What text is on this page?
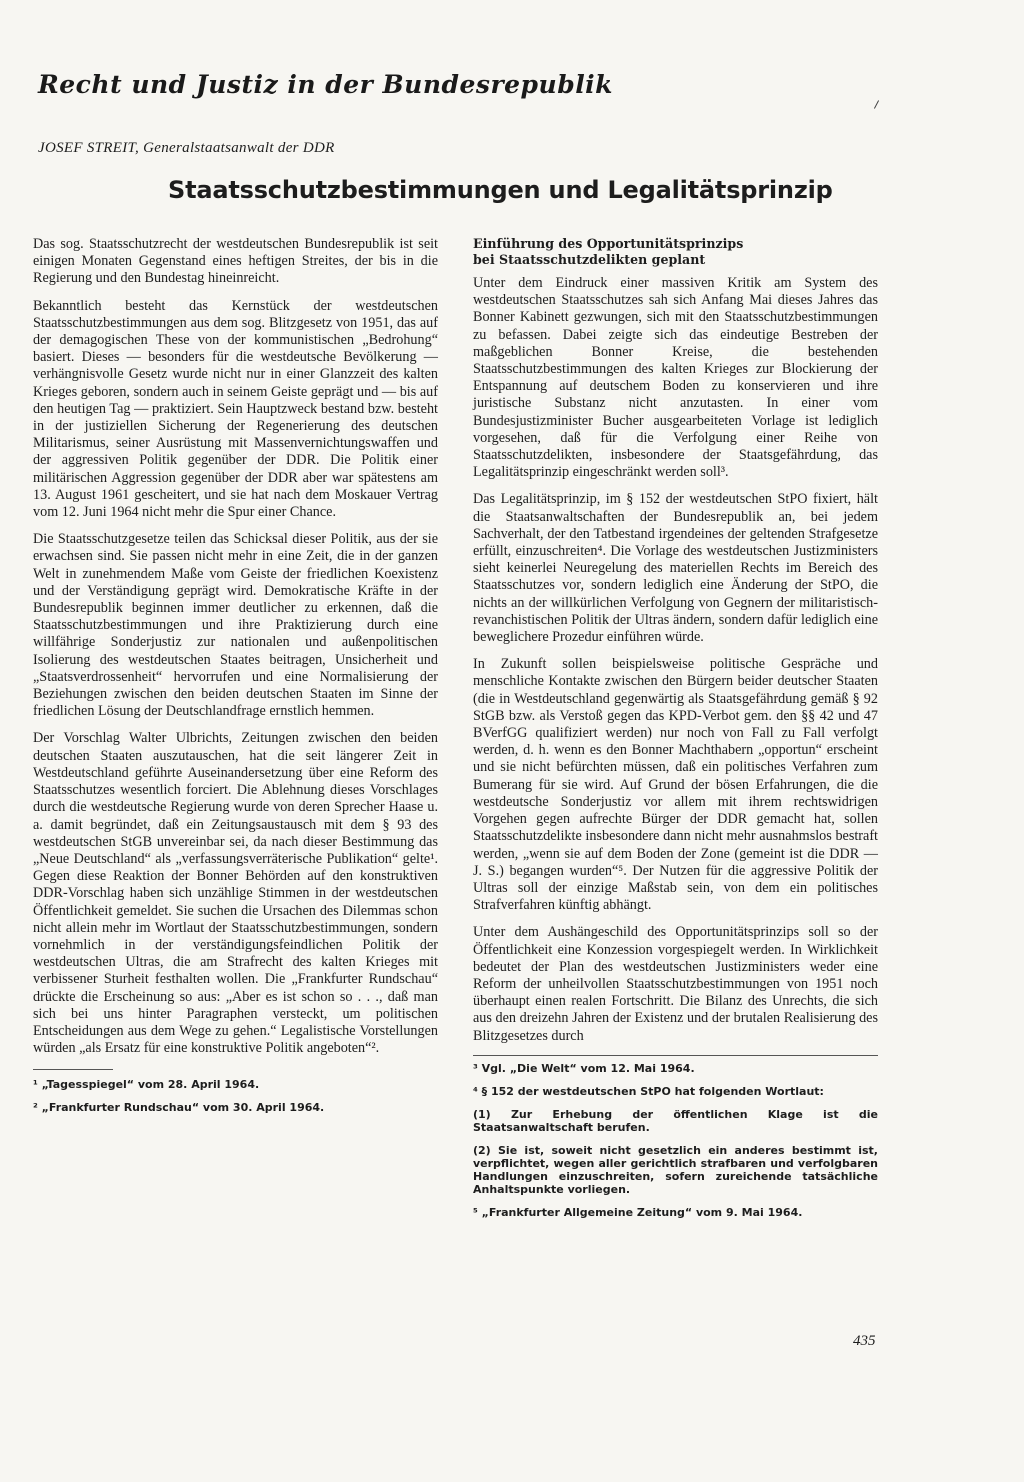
Recht und Justiz in der Bundesrepublik

JOSEF STREIT, Generalstaatsanwalt der DDR

Staatsschutzbestimmungen und Legalitätsprinzip

Das sog. Staatsschutzrecht der westdeutschen Bundesrepublik ist seit einigen Monaten Gegenstand eines heftigen Streites, der bis in die Regierung und den Bundestag hineinreicht.

Bekanntlich besteht das Kernstück der westdeutschen Staatsschutzbestimmungen aus dem sog. Blitzgesetz von 1951, das auf der demagogischen These von der kommunistischen „Bedrohung“ basiert. Dieses — besonders für die westdeutsche Bevölkerung — verhängnisvolle Gesetz wurde nicht nur in einer Glanzzeit des kalten Krieges geboren, sondern auch in seinem Geiste geprägt und — bis auf den heutigen Tag — praktiziert. Sein Hauptzweck bestand bzw. besteht in der justiziellen Sicherung der Regenerierung des deutschen Militarismus, seiner Ausrüstung mit Massenvernichtungswaffen und der aggressiven Politik gegenüber der DDR. Die Politik einer militärischen Aggression gegenüber der DDR aber war spätestens am 13. August 1961 gescheitert, und sie hat nach dem Moskauer Vertrag vom 12. Juni 1964 nicht mehr die Spur einer Chance.

Die Staatsschutzgesetze teilen das Schicksal dieser Politik, aus der sie erwachsen sind. Sie passen nicht mehr in eine Zeit, die in der ganzen Welt in zunehmendem Maße vom Geiste der friedlichen Koexistenz und der Verständigung geprägt wird. Demokratische Kräfte in der Bundesrepublik beginnen immer deutlicher zu erkennen, daß die Staatsschutzbestimmungen und ihre Praktizierung durch eine willfährige Sonderjustiz zur nationalen und außenpolitischen Isolierung des westdeutschen Staates beitragen, Unsicherheit und „Staatsverdrossenheit“ hervorrufen und eine Normalisierung der Beziehungen zwischen den beiden deutschen Staaten im Sinne der friedlichen Lösung der Deutschlandfrage ernstlich hemmen.

Der Vorschlag Walter Ulbrichts, Zeitungen zwischen den beiden deutschen Staaten auszutauschen, hat die seit längerer Zeit in Westdeutschland geführte Auseinandersetzung über eine Reform des Staatsschutzes wesentlich forciert. Die Ablehnung dieses Vorschlages durch die westdeutsche Regierung wurde von deren Sprecher Haase u. a. damit begründet, daß ein Zeitungsaustausch mit dem § 93 des westdeutschen StGB unvereinbar sei, da nach dieser Bestimmung das „Neue Deutschland“ als „verfassungsverräterische Publikation“ gelte¹. Gegen diese Reaktion der Bonner Behörden auf den konstruktiven DDR-Vorschlag haben sich unzählige Stimmen in der westdeutschen Öffentlichkeit gemeldet. Sie suchen die Ursachen des Dilemmas schon nicht allein mehr im Wortlaut der Staatsschutzbestimmungen, sondern vornehmlich in der verständigungsfeindlichen Politik der westdeutschen Ultras, die am Strafrecht des kalten Krieges mit verbissener Sturheit festhalten wollen. Die „Frankfurter Rundschau“ drückte die Erscheinung so aus: „Aber es ist schon so . . ., daß man sich bei uns hinter Paragraphen versteckt, um politischen Entscheidungen aus dem Wege zu gehen.“ Legalistische Vorstellungen würden „als Ersatz für eine konstruktive Politik angeboten“².

¹ „Tagesspiegel“ vom 28. April 1964.

² „Frankfurter Rundschau“ vom 30. April 1964.

Einführung des Opportunitätsprinzips
bei Staatsschutzdelikten geplant

Unter dem Eindruck einer massiven Kritik am System des westdeutschen Staatsschutzes sah sich Anfang Mai dieses Jahres das Bonner Kabinett gezwungen, sich mit den Staatsschutzbestimmungen zu befassen. Dabei zeigte sich das eindeutige Bestreben der maßgeblichen Bonner Kreise, die bestehenden Staatsschutzbestimmungen des kalten Krieges zur Blockierung der Entspannung auf deutschem Boden zu konservieren und ihre juristische Substanz nicht anzutasten. In einer vom Bundesjustizminister Bucher ausgearbeiteten Vorlage ist lediglich vorgesehen, daß für die Verfolgung einer Reihe von Staatsschutzdelikten, insbesondere der Staatsgefährdung, das Legalitätsprinzip eingeschränkt werden soll³.

Das Legalitätsprinzip, im § 152 der westdeutschen StPO fixiert, hält die Staatsanwaltschaften der Bundesrepublik an, bei jedem Sachverhalt, der den Tatbestand irgendeines der geltenden Strafgesetze erfüllt, einzuschreiten⁴. Die Vorlage des westdeutschen Justizministers sieht keinerlei Neuregelung des materiellen Rechts im Bereich des Staatsschutzes vor, sondern lediglich eine Änderung der StPO, die nichts an der willkürlichen Verfolgung von Gegnern der militaristisch-revanchistischen Politik der Ultras ändern, sondern dafür lediglich eine beweglichere Prozedur einführen würde.

In Zukunft sollen beispielsweise politische Gespräche und menschliche Kontakte zwischen den Bürgern beider deutscher Staaten (die in Westdeutschland gegenwärtig als Staatsgefährdung gemäß § 92 StGB bzw. als Verstoß gegen das KPD-Verbot gem. den §§ 42 und 47 BVerfGG qualifiziert werden) nur noch von Fall zu Fall verfolgt werden, d. h. wenn es den Bonner Machthabern „opportun“ erscheint und sie nicht befürchten müssen, daß ein politisches Verfahren zum Bumerang für sie wird. Auf Grund der bösen Erfahrungen, die die westdeutsche Sonderjustiz vor allem mit ihrem rechtswidrigen Vorgehen gegen aufrechte Bürger der DDR gemacht hat, sollen Staatsschutzdelikte insbesondere dann nicht mehr ausnahmslos bestraft werden, „wenn sie auf dem Boden der Zone (gemeint ist die DDR — J. S.) begangen wurden“⁵. Der Nutzen für die aggressive Politik der Ultras soll der einzige Maßstab sein, von dem ein politisches Strafverfahren künftig abhängt.

Unter dem Aushängeschild des Opportunitätsprinzips soll so der Öffentlichkeit eine Konzession vorgespiegelt werden. In Wirklichkeit bedeutet der Plan des westdeutschen Justizministers weder eine Reform der unheilvollen Staatsschutzbestimmungen von 1951 noch überhaupt einen realen Fortschritt. Die Bilanz des Unrechts, die sich aus den dreizehn Jahren der Existenz und der brutalen Realisierung des Blitzgesetzes durch

³ Vgl. „Die Welt“ vom 12. Mai 1964.

⁴ § 152 der westdeutschen StPO hat folgenden Wortlaut:

(1) Zur Erhebung der öffentlichen Klage ist die Staatsanwaltschaft berufen.

(2) Sie ist, soweit nicht gesetzlich ein anderes bestimmt ist, verpflichtet, wegen aller gerichtlich strafbaren und verfolgbaren Handlungen einzuschreiten, sofern zureichende tatsächliche Anhaltspunkte vorliegen.

⁵ „Frankfurter Allgemeine Zeitung“ vom 9. Mai 1964.

435
